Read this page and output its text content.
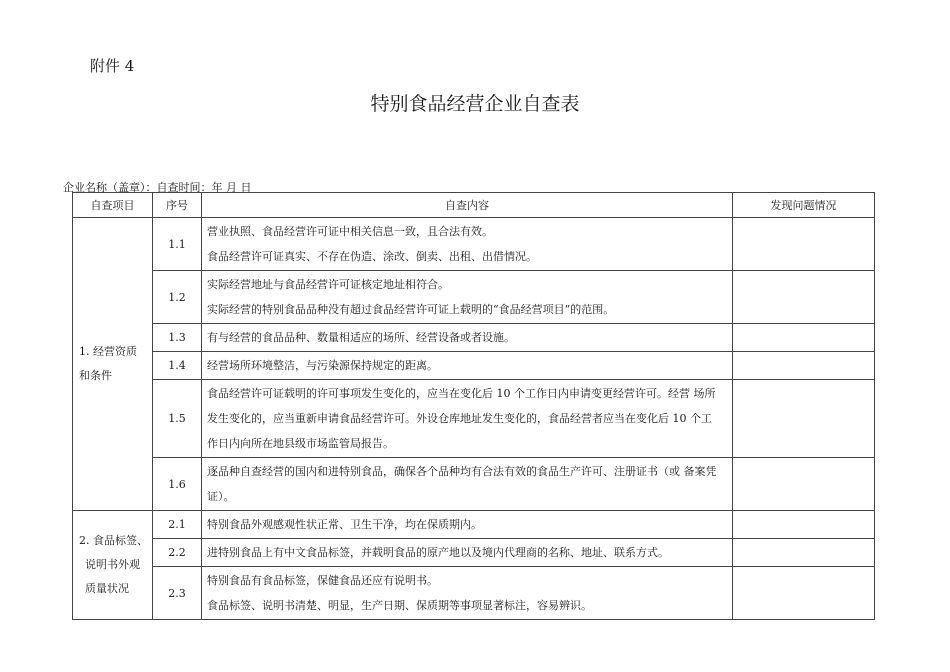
附件 4
特别食品经营企业自查表
企业名称（盖章）：自查时间：年 月 日
自查项目	序号	自查内容	发现问题情况

1. 经营资质
和条件	1.1	营业执照、食品经营许可证中相关信息一致，且合法有效。
食品经营许可证真实、不存在伪造、涂改、倒卖、出租、出借情况。	

	1.2	实际经营地址与食品经营许可证核定地址相符合。
实际经营的特别食品品种没有超过食品经营许可证上载明的“食品经营项目”的范围。	

	1.3	有与经营的食品品种、数量相适应的场所、经营设备或者设施。	

	1.4	经营场所环境整洁，与污染源保持规定的距离。	

	1.5	食品经营许可证载明的许可事项发生变化的，应当在变化后 10 个工作日内申请变更经营许可。经营 场所
发生变化的，应当重新申请食品经营许可。外设仓库地址发生变化的，食品经营者应当在变化后 10 个工
作日内向所在地县级市场监管局报告。	

	1.6	逐品种自查经营的国内和进特别食品，确保各个品种均有合法有效的食品生产许可、注册证书（或 备案凭
证）。	

2. 食品标签、
说明书外观
质量状况	2.1	特别食品外观感观性状正常、卫生干净，均在保质期内。	

	2.2	进特别食品上有中文食品标签，并载明食品的原产地以及境内代理商的名称、地址、联系方式。	

	2.3	特别食品有食品标签，保健食品还应有说明书。
食品标签、说明书清楚、明显，生产日期、保质期等事项显著标注，容易辨识。	
